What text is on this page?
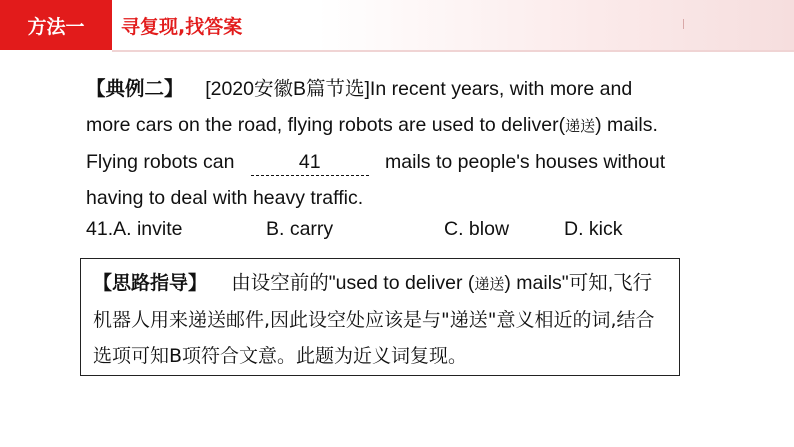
方法一	寻复现,找答案
【典例二】 [2020安徽B篇节选]In recent years, with more and
more cars on the road, flying robots are used to deliver(递送) mails.
Flying robots can	41	mails to people's houses without
having to deal with heavy traffic.
41.A. invite	B. carry	C. blow	D. kick
【思路指导】 由设空前的"used to deliver (递送) mails"可知,飞行
机器人用来递送邮件,因此设空处应该是与"递送"意义相近的词,结合
选项可知B项符合文意。此题为近义词复现。
